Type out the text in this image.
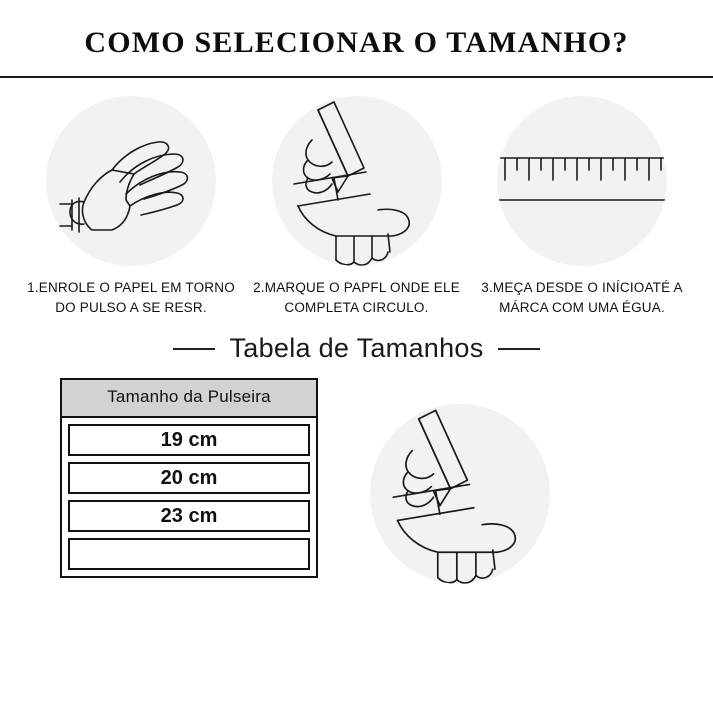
COMO SELECIONAR O TAMANHO?
1.ENROLE O PAPEL EM TORNO DO PULSO A SE RESR.
2.MARQUE O PAPFL ONDE ELE COMPLETA CIRCULO.
3.MEÇA DESDE O INÍCIOATÉ A MÁRCA COM UMA ÉGUA.
Tabela de Tamanhos
Tamanho da Pulseira
19 cm
20 cm
23 cm
